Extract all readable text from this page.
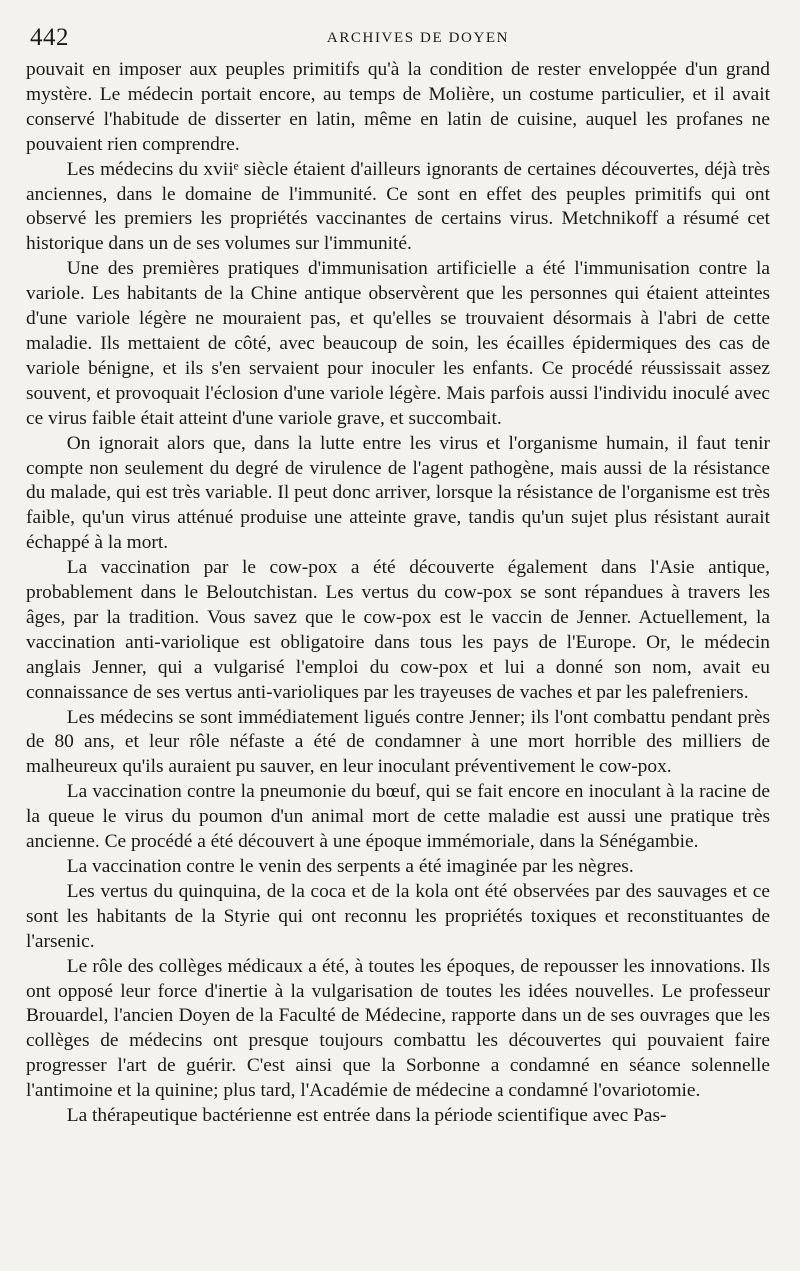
442	ARCHIVES DE DOYEN

pouvait en imposer aux peuples primitifs qu'à la condition de rester enveloppée d'un grand mystère. Le médecin portait encore, au temps de Molière, un costume particulier, et il avait conservé l'habitude de disserter en latin, même en latin de cuisine, auquel les profanes ne pouvaient rien comprendre.

Les médecins du xviiᵉ siècle étaient d'ailleurs ignorants de certaines découvertes, déjà très anciennes, dans le domaine de l'immunité. Ce sont en effet des peuples primitifs qui ont observé les premiers les propriétés vaccinantes de certains virus. Metchnikoff a résumé cet historique dans un de ses volumes sur l'immunité.

Une des premières pratiques d'immunisation artificielle a été l'immunisation contre la variole. Les habitants de la Chine antique observèrent que les personnes qui étaient atteintes d'une variole légère ne mouraient pas, et qu'elles se trouvaient désormais à l'abri de cette maladie. Ils mettaient de côté, avec beaucoup de soin, les écailles épidermiques des cas de variole bénigne, et ils s'en servaient pour inoculer les enfants. Ce procédé réussissait assez souvent, et provoquait l'éclosion d'une variole légère. Mais parfois aussi l'individu inoculé avec ce virus faible était atteint d'une variole grave, et succombait.

On ignorait alors que, dans la lutte entre les virus et l'organisme humain, il faut tenir compte non seulement du degré de virulence de l'agent pathogène, mais aussi de la résistance du malade, qui est très variable. Il peut donc arriver, lorsque la résistance de l'organisme est très faible, qu'un virus atténué produise une atteinte grave, tandis qu'un sujet plus résistant aurait échappé à la mort.

La vaccination par le cow-pox a été découverte également dans l'Asie antique, probablement dans le Beloutchistan. Les vertus du cow-pox se sont répandues à travers les âges, par la tradition. Vous savez que le cow-pox est le vaccin de Jenner. Actuellement, la vaccination anti-variolique est obligatoire dans tous les pays de l'Europe. Or, le médecin anglais Jenner, qui a vulgarisé l'emploi du cow-pox et lui a donné son nom, avait eu connaissance de ses vertus anti-varioliques par les trayeuses de vaches et par les palefreniers.

Les médecins se sont immédiatement ligués contre Jenner; ils l'ont combattu pendant près de 80 ans, et leur rôle néfaste a été de condamner à une mort horrible des milliers de malheureux qu'ils auraient pu sauver, en leur inoculant préventivement le cow-pox.

La vaccination contre la pneumonie du bœuf, qui se fait encore en inoculant à la racine de la queue le virus du poumon d'un animal mort de cette maladie est aussi une pratique très ancienne. Ce procédé a été découvert à une époque immémoriale, dans la Sénégambie.

La vaccination contre le venin des serpents a été imaginée par les nègres.

Les vertus du quinquina, de la coca et de la kola ont été observées par des sauvages et ce sont les habitants de la Styrie qui ont reconnu les propriétés toxiques et reconstituantes de l'arsenic.

Le rôle des collèges médicaux a été, à toutes les époques, de repousser les innovations. Ils ont opposé leur force d'inertie à la vulgarisation de toutes les idées nouvelles. Le professeur Brouardel, l'ancien Doyen de la Faculté de Médecine, rapporte dans un de ses ouvrages que les collèges de médecins ont presque toujours combattu les découvertes qui pouvaient faire progresser l'art de guérir. C'est ainsi que la Sorbonne a condamné en séance solennelle l'antimoine et la quinine; plus tard, l'Académie de médecine a condamné l'ovariotomie.

La thérapeutique bactérienne est entrée dans la période scientifique avec Pas-
